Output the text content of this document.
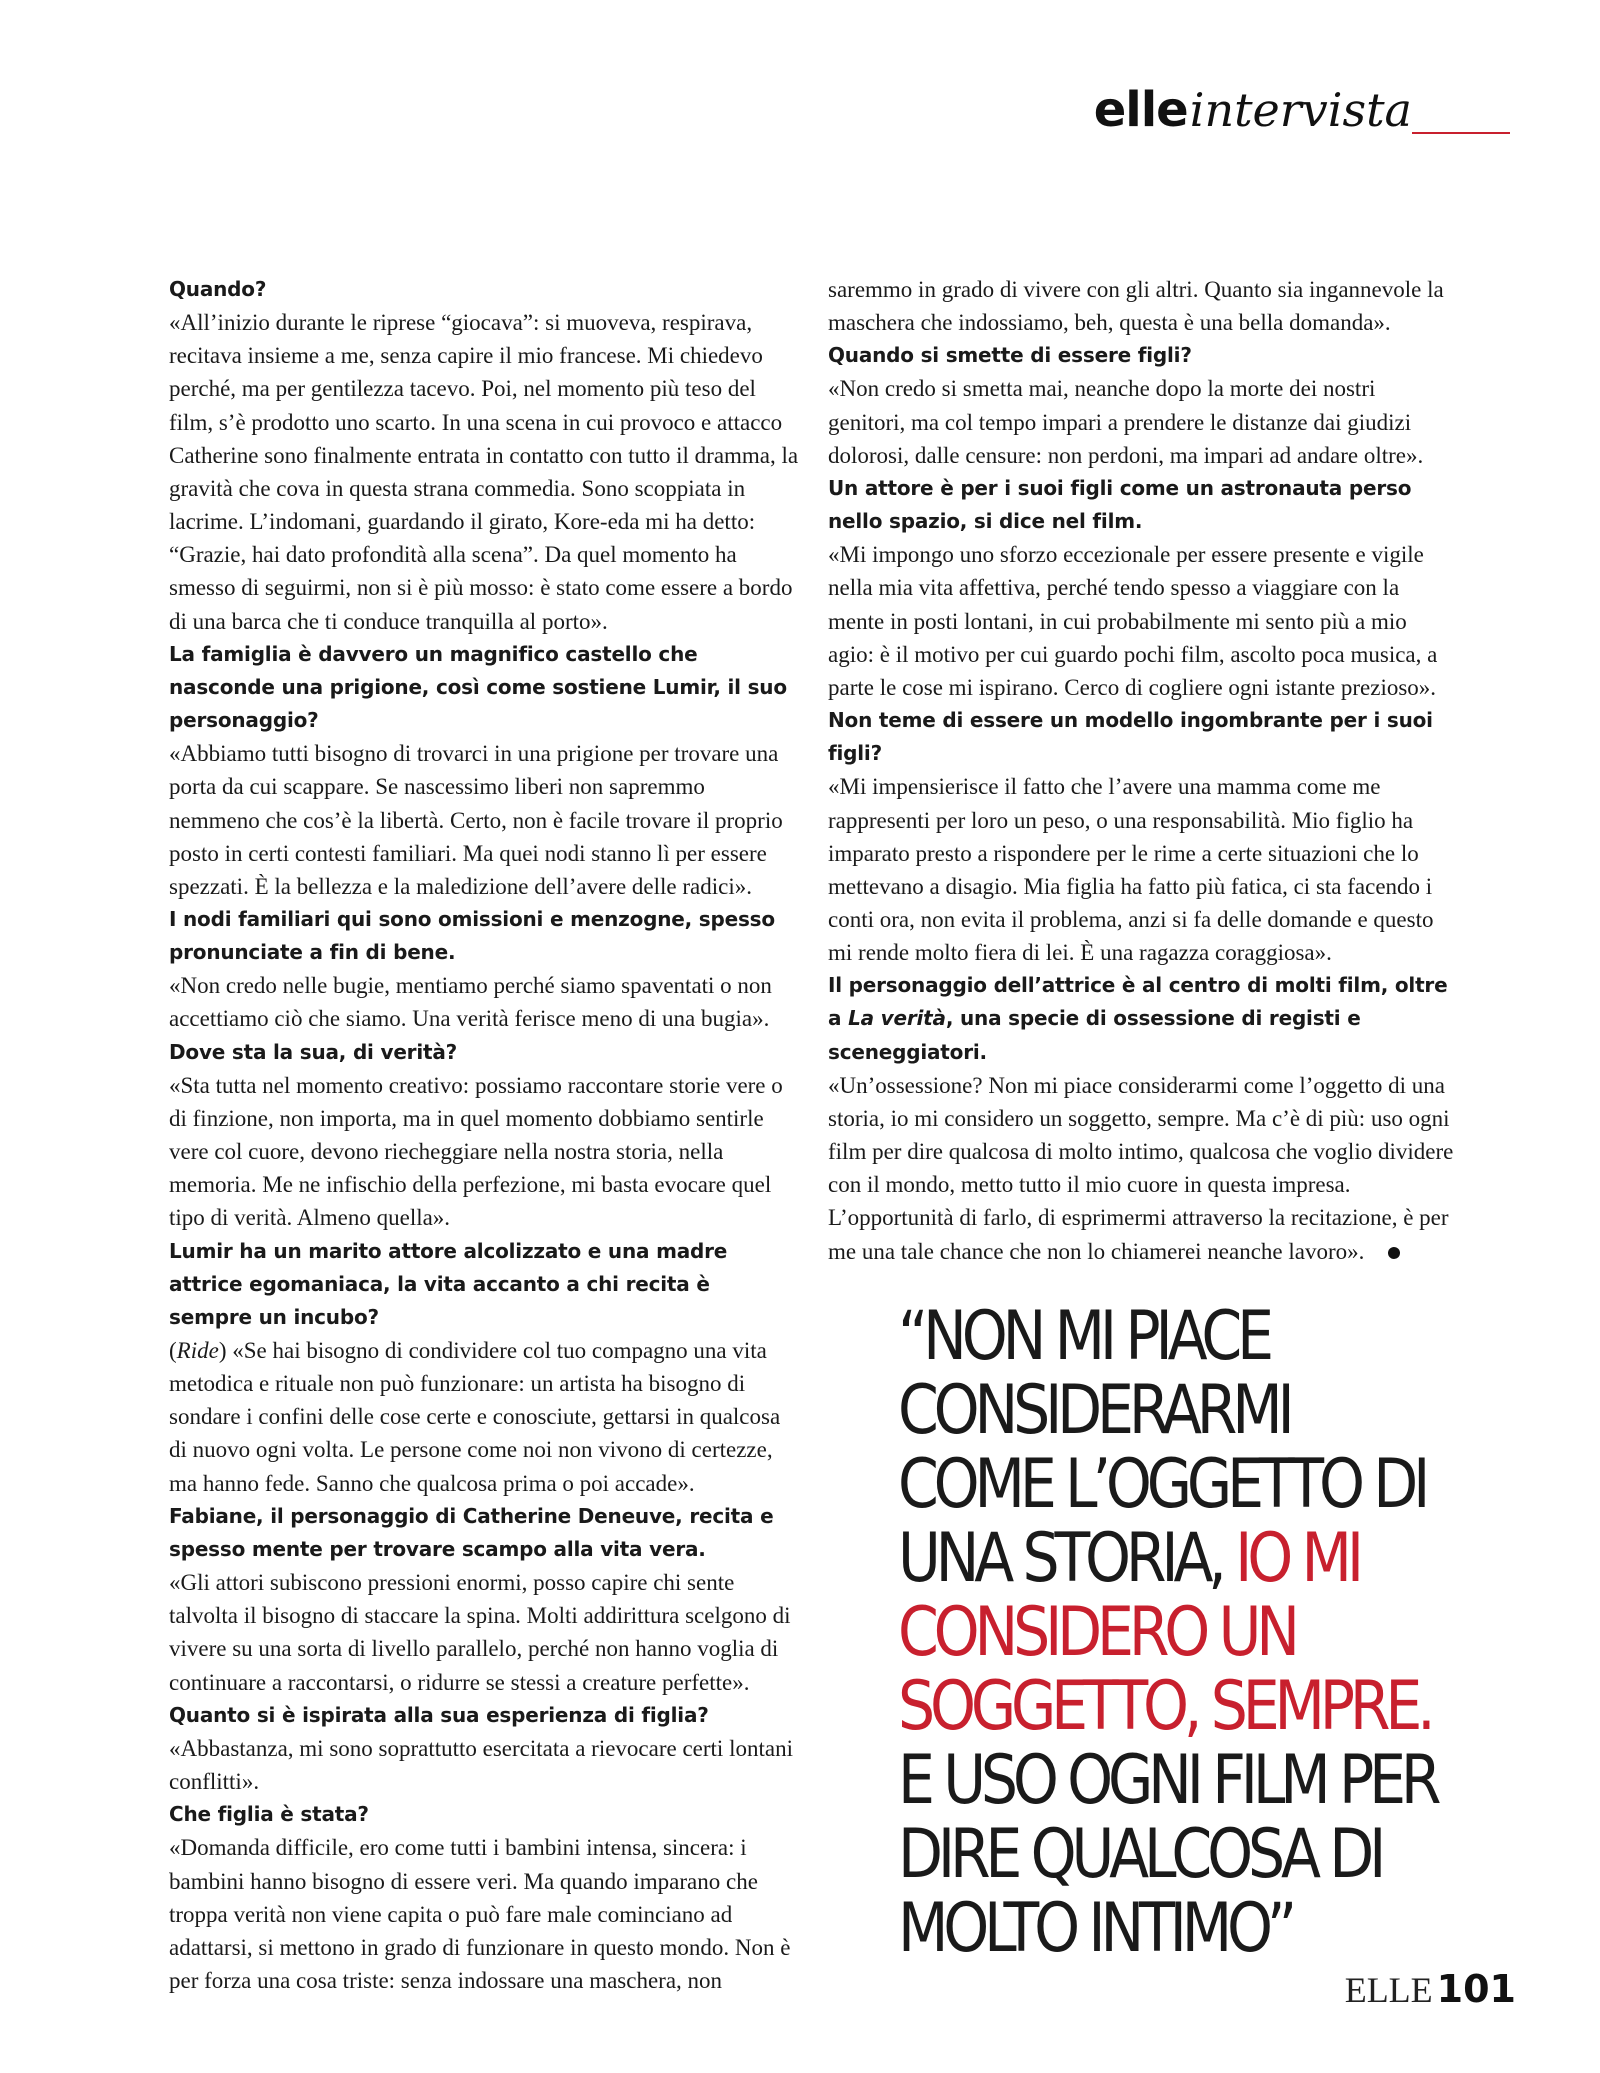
elleintervista

Quando?

«All’inizio durante le riprese “giocava”: si muoveva, respirava, recitava insieme a me, senza capire il mio francese. Mi chiedevo perché, ma per gentilezza tacevo. Poi, nel momento più teso del film, s’è prodotto uno scarto. In una scena in cui provoco e attacco Catherine sono finalmente entrata in contatto con tutto il dramma, la gravità che cova in questa strana commedia. Sono scoppiata in lacrime. L’indomani, guardando il girato, Kore-eda mi ha detto: “Grazie, hai dato profondità alla scena”. Da quel momento ha smesso di seguirmi, non si è più mosso: è stato come essere a bordo di una barca che ti conduce tranquilla al porto».

La famiglia è davvero un magnifico castello che nasconde una prigione, così come sostiene Lumir, il suo personaggio?

«Abbiamo tutti bisogno di trovarci in una prigione per trovare una porta da cui scappare. Se nascessimo liberi non sapremmo nemmeno che cos’è la libertà. Certo, non è facile trovare il proprio posto in certi contesti familiari. Ma quei nodi stanno lì per essere spezzati. È la bellezza e la maledizione dell’avere delle radici».

I nodi familiari qui sono omissioni e menzogne, spesso pronunciate a fin di bene.

«Non credo nelle bugie, mentiamo perché siamo spaventati o non accettiamo ciò che siamo. Una verità ferisce meno di una bugia».

Dove sta la sua, di verità?

«Sta tutta nel momento creativo: possiamo raccontare storie vere o di finzione, non importa, ma in quel momento dobbiamo sentirle vere col cuore, devono riecheggiare nella nostra storia, nella memoria. Me ne infischio della perfezione, mi basta evocare quel tipo di verità. Almeno quella».

Lumir ha un marito attore alcolizzato e una madre attrice egomaniaca, la vita accanto a chi recita è sempre un incubo?

(Ride) «Se hai bisogno di condividere col tuo compagno una vita metodica e rituale non può funzionare: un artista ha bisogno di sondare i confini delle cose certe e conosciute, gettarsi in qualcosa di nuovo ogni volta. Le persone come noi non vivono di certezze, ma hanno fede. Sanno che qualcosa prima o poi accade».

Fabiane, il personaggio di Catherine Deneuve, recita e spesso mente per trovare scampo alla vita vera.

«Gli attori subiscono pressioni enormi, posso capire chi sente talvolta il bisogno di staccare la spina. Molti addirittura scelgono di vivere su una sorta di livello parallelo, perché non hanno voglia di continuare a raccontarsi, o ridurre se stessi a creature perfette».

Quanto si è ispirata alla sua esperienza di figlia?

«Abbastanza, mi sono soprattutto esercitata a rievocare certi lontani conflitti».

Che figlia è stata?

«Domanda difficile, ero come tutti i bambini intensa, sincera: i bambini hanno bisogno di essere veri. Ma quando imparano che troppa verità non viene capita o può fare male cominciano ad adattarsi, si mettono in grado di funzionare in questo mondo. Non è per forza una cosa triste: senza indossare una maschera, non

saremmo in grado di vivere con gli altri. Quanto sia ingannevole la maschera che indossiamo, beh, questa è una bella domanda».

Quando si smette di essere figli?

«Non credo si smetta mai, neanche dopo la morte dei nostri genitori, ma col tempo impari a prendere le distanze dai giudizi dolorosi, dalle censure: non perdoni, ma impari ad andare oltre».

Un attore è per i suoi figli come un astronauta perso nello spazio, si dice nel film.

«Mi impongo uno sforzo eccezionale per essere presente e vigile nella mia vita affettiva, perché tendo spesso a viaggiare con la mente in posti lontani, in cui probabilmente mi sento più a mio agio: è il motivo per cui guardo pochi film, ascolto poca musica, a parte le cose mi ispirano. Cerco di cogliere ogni istante prezioso».

Non teme di essere un modello ingombrante per i suoi figli?

«Mi impensierisce il fatto che l’avere una mamma come me rappresenti per loro un peso, o una responsabilità. Mio figlio ha imparato presto a rispondere per le rime a certe situazioni che lo mettevano a disagio. Mia figlia ha fatto più fatica, ci sta facendo i conti ora, non evita il problema, anzi si fa delle domande e questo mi rende molto fiera di lei. È una ragazza coraggiosa».

Il personaggio dell’attrice è al centro di molti film, oltre a La verità, una specie di ossessione di registi e sceneggiatori.

«Un’ossessione? Non mi piace considerarmi come l’oggetto di una storia, io mi considero un soggetto, sempre. Ma c’è di più: uso ogni film per dire qualcosa di molto intimo, qualcosa che voglio dividere con il mondo, metto tutto il mio cuore in questa impresa. L’opportunità di farlo, di esprimermi attraverso la recitazione, è per me una tale chance che non lo chiamerei neanche lavoro».

“NON MI PIACE CONSIDERARMI COME L’OGGETTO DI UNA STORIA, IO MI CONSIDERO UN SOGGETTO, SEMPRE. E USO OGNI FILM PER DIRE QUALCOSA DI MOLTO INTIMO”
ELLE 101
